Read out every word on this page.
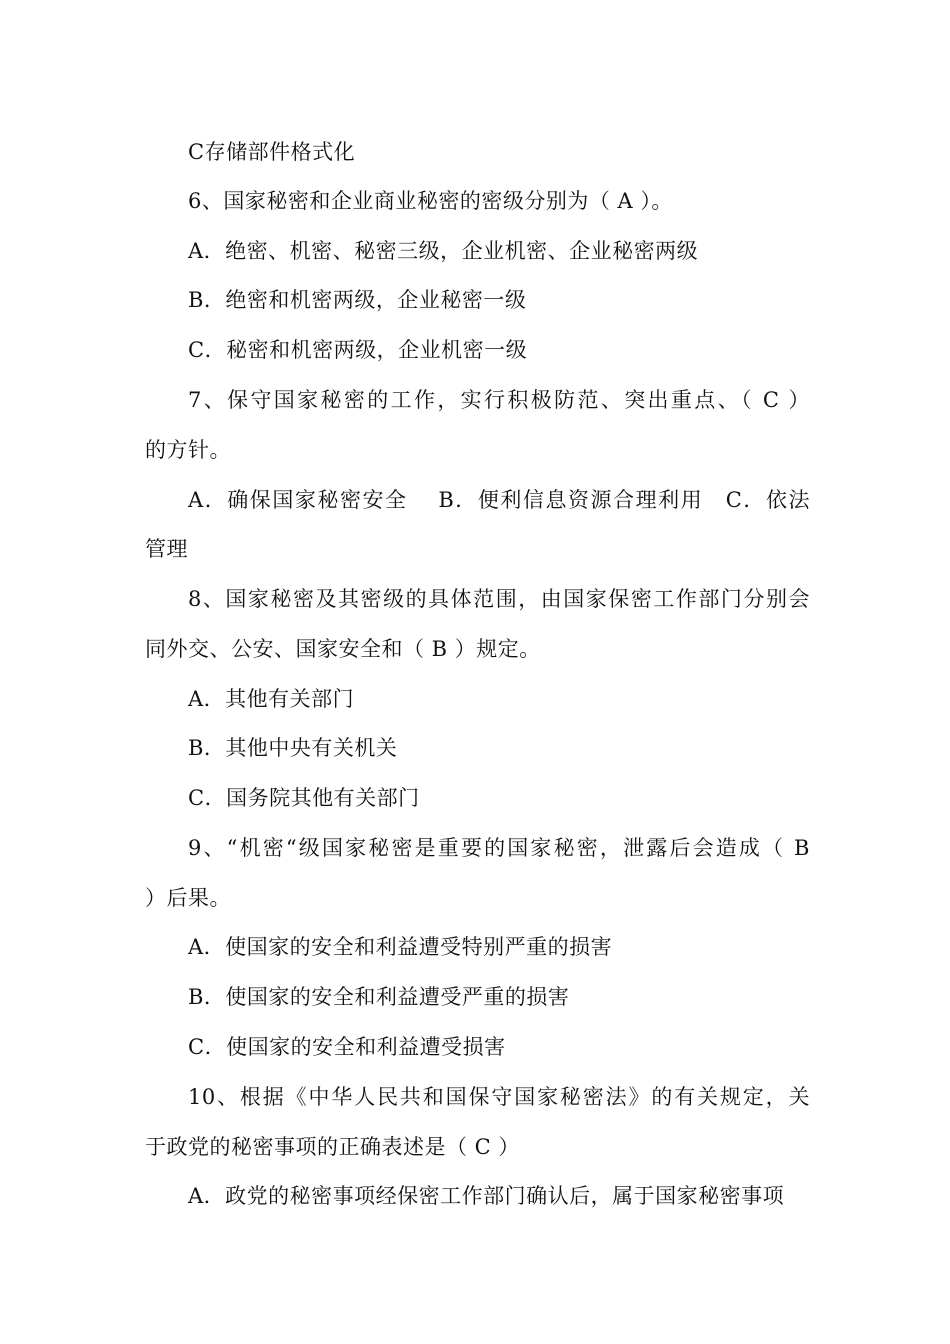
C存储部件格式化
6、国家秘密和企业商业秘密的密级分别为（ A ）。
A．绝密、机密、秘密三级，企业机密、企业秘密两级
B．绝密和机密两级，企业秘密一级
C．秘密和机密两级，企业机密一级
7、保守国家秘密的工作，实行积极防范、突出重点、（ C ）
的方针。
A．确保国家秘密安全　 B．便利信息资源合理利用　C．依法
管理
8、国家秘密及其密级的具体范围，由国家保密工作部门分别会
同外交、公安、国家安全和（ B ）规定。
A．其他有关部门
B．其他中央有关机关
C．国务院其他有关部门
9、“机密“级国家秘密是重要的国家秘密，泄露后会造成（ B
）后果。
A．使国家的安全和利益遭受特别严重的损害
B．使国家的安全和利益遭受严重的损害
C．使国家的安全和利益遭受损害
10、根据《中华人民共和国保守国家秘密法》的有关规定，关
于政党的秘密事项的正确表述是（ C ）
A．政党的秘密事项经保密工作部门确认后，属于国家秘密事项
